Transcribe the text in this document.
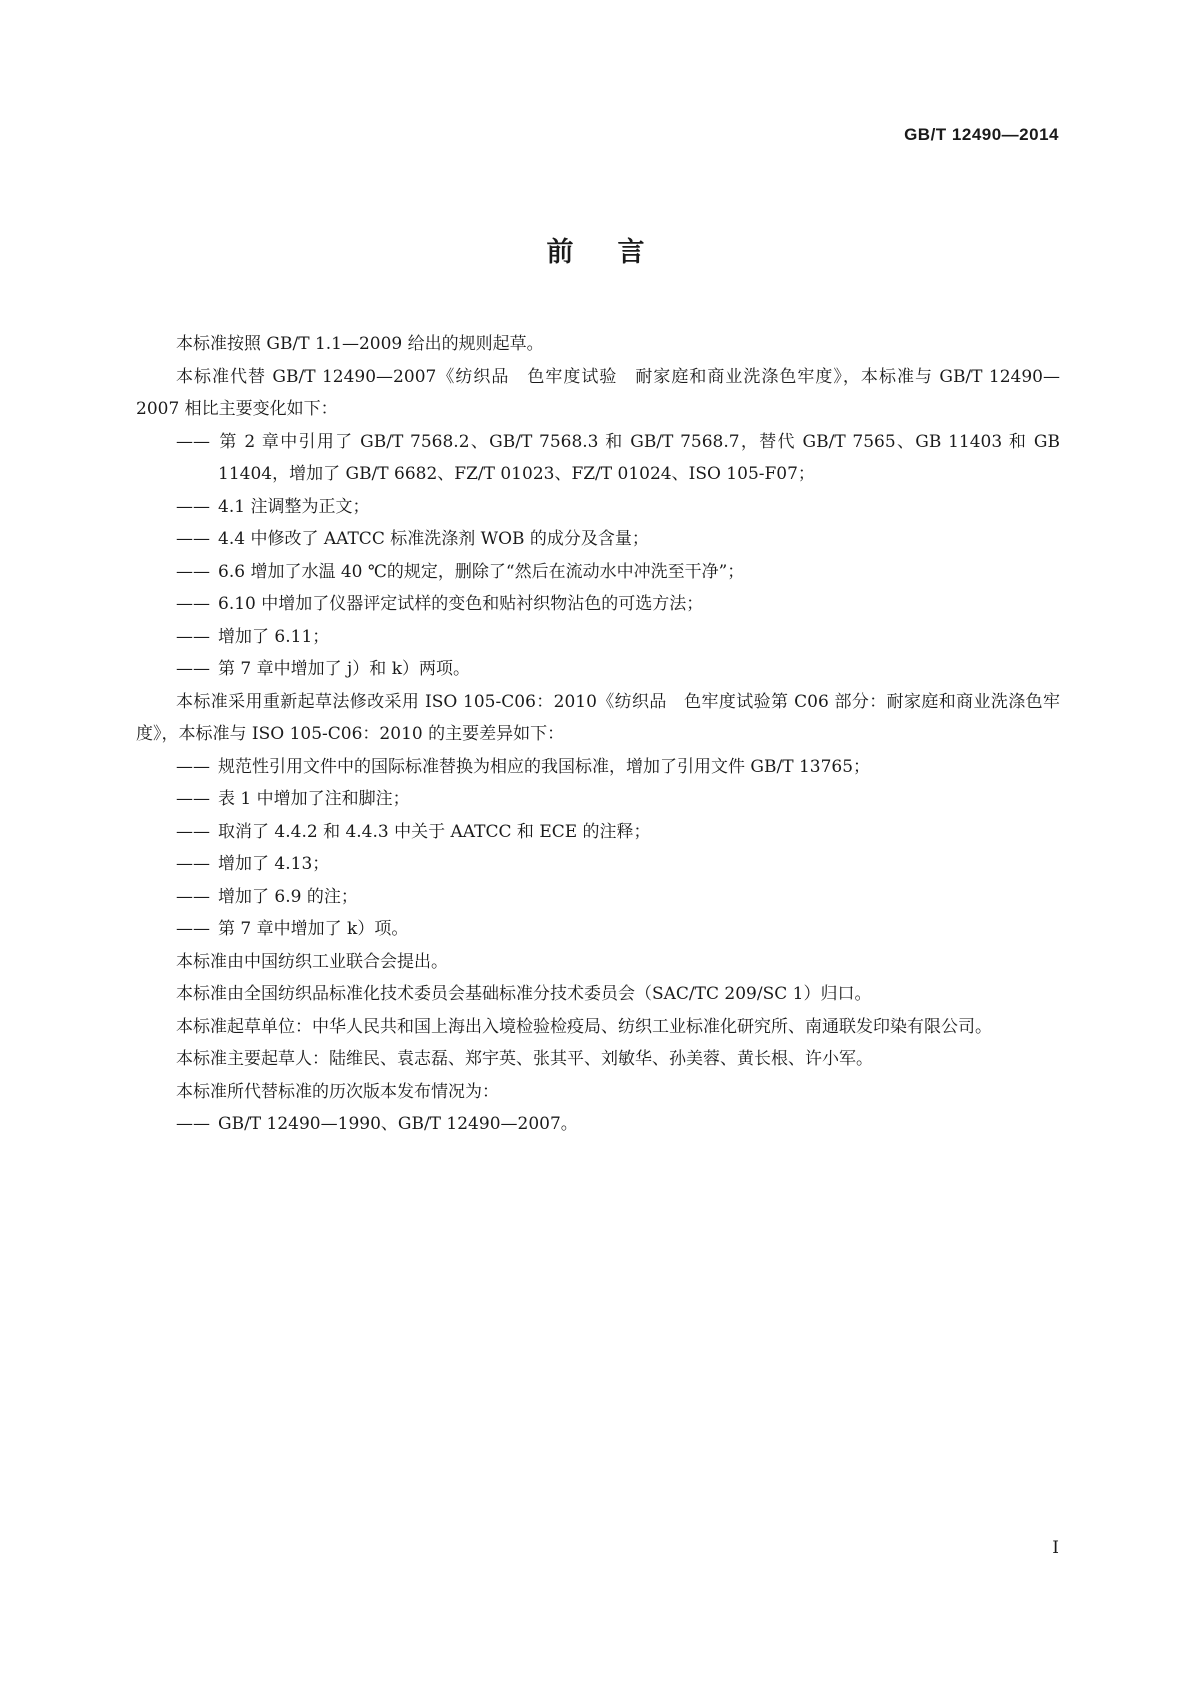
GB/T 12490—2014
前言

本标准按照 GB/T 1.1—2009 给出的规则起草。

本标准代替 GB/T 12490—2007《纺织品　色牢度试验　耐家庭和商业洗涤色牢度》，本标准与 GB/T 12490—2007 相比主要变化如下：

—— 第 2 章中引用了 GB/T 7568.2、GB/T 7568.3 和 GB/T 7568.7，替代 GB/T 7565、GB 11403 和 GB 11404，增加了 GB/T 6682、FZ/T 01023、FZ/T 01024、ISO 105-F07；

—— 4.1 注调整为正文；

—— 4.4 中修改了 AATCC 标准洗涤剂 WOB 的成分及含量；

—— 6.6 增加了水温 40 ℃的规定，删除了“然后在流动水中冲洗至干净”；

—— 6.10 中增加了仪器评定试样的变色和贴衬织物沾色的可选方法；

—— 增加了 6.11；

—— 第 7 章中增加了 j）和 k）两项。

本标准采用重新起草法修改采用 ISO 105-C06：2010《纺织品　色牢度试验第 C06 部分：耐家庭和商业洗涤色牢度》，本标准与 ISO 105-C06：2010 的主要差异如下：

—— 规范性引用文件中的国际标准替换为相应的我国标准，增加了引用文件 GB/T 13765；

—— 表 1 中增加了注和脚注；

—— 取消了 4.4.2 和 4.4.3 中关于 AATCC 和 ECE 的注释；

—— 增加了 4.13；

—— 增加了 6.9 的注；

—— 第 7 章中增加了 k）项。

本标准由中国纺织工业联合会提出。

本标准由全国纺织品标准化技术委员会基础标准分技术委员会（SAC/TC 209/SC 1）归口。

本标准起草单位：中华人民共和国上海出入境检验检疫局、纺织工业标准化研究所、南通联发印染有限公司。

本标准主要起草人：陆维民、袁志磊、郑宇英、张其平、刘敏华、孙美蓉、黄长根、许小军。

本标准所代替标准的历次版本发布情况为：

—— GB/T 12490—1990、GB/T 12490—2007。

I
